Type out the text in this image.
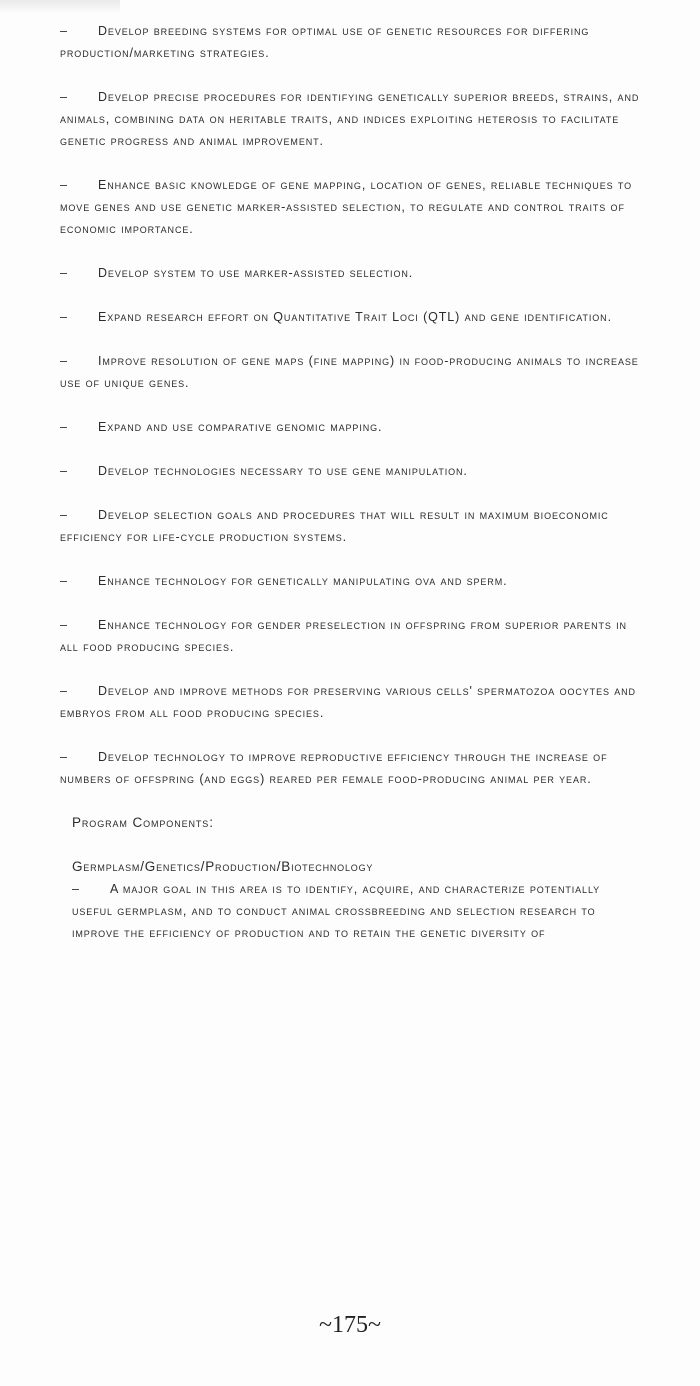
– Develop breeding systems for optimal use of genetic resources for differing production/marketing strategies.

– Develop precise procedures for identifying genetically superior breeds, strains, and animals, combining data on heritable traits, and indices exploiting heterosis to facilitate genetic progress and animal improvement.

– Enhance basic knowledge of gene mapping, location of genes, reliable techniques to move genes and use genetic marker-assisted selection, to regulate and control traits of economic importance.

– Develop system to use marker-assisted selection.

– Expand research effort on Quantitative Trait Loci (QTL) and gene identification.

– Improve resolution of gene maps (fine mapping) in food-producing animals to increase use of unique genes.

– Expand and use comparative genomic mapping.

– Develop technologies necessary to use gene manipulation.

– Develop selection goals and procedures that will result in maximum bioeconomic efficiency for life-cycle production systems.

– Enhance technology for genetically manipulating ova and sperm.

– Enhance technology for gender preselection in offspring from superior parents in all food producing species.

– Develop and improve methods for preserving various cells' spermatozoa oocytes and embryos from all food producing species.

– Develop technology to improve reproductive efficiency through the increase of numbers of offspring (and eggs) reared per female food-producing animal per year.

Program Components:

Germplasm/Genetics/Production/Biotechnology

– A major goal in this area is to identify, acquire, and characterize potentially useful germplasm, and to conduct animal crossbreeding and selection research to improve the efficiency of production and to retain the genetic diversity of

~175~
